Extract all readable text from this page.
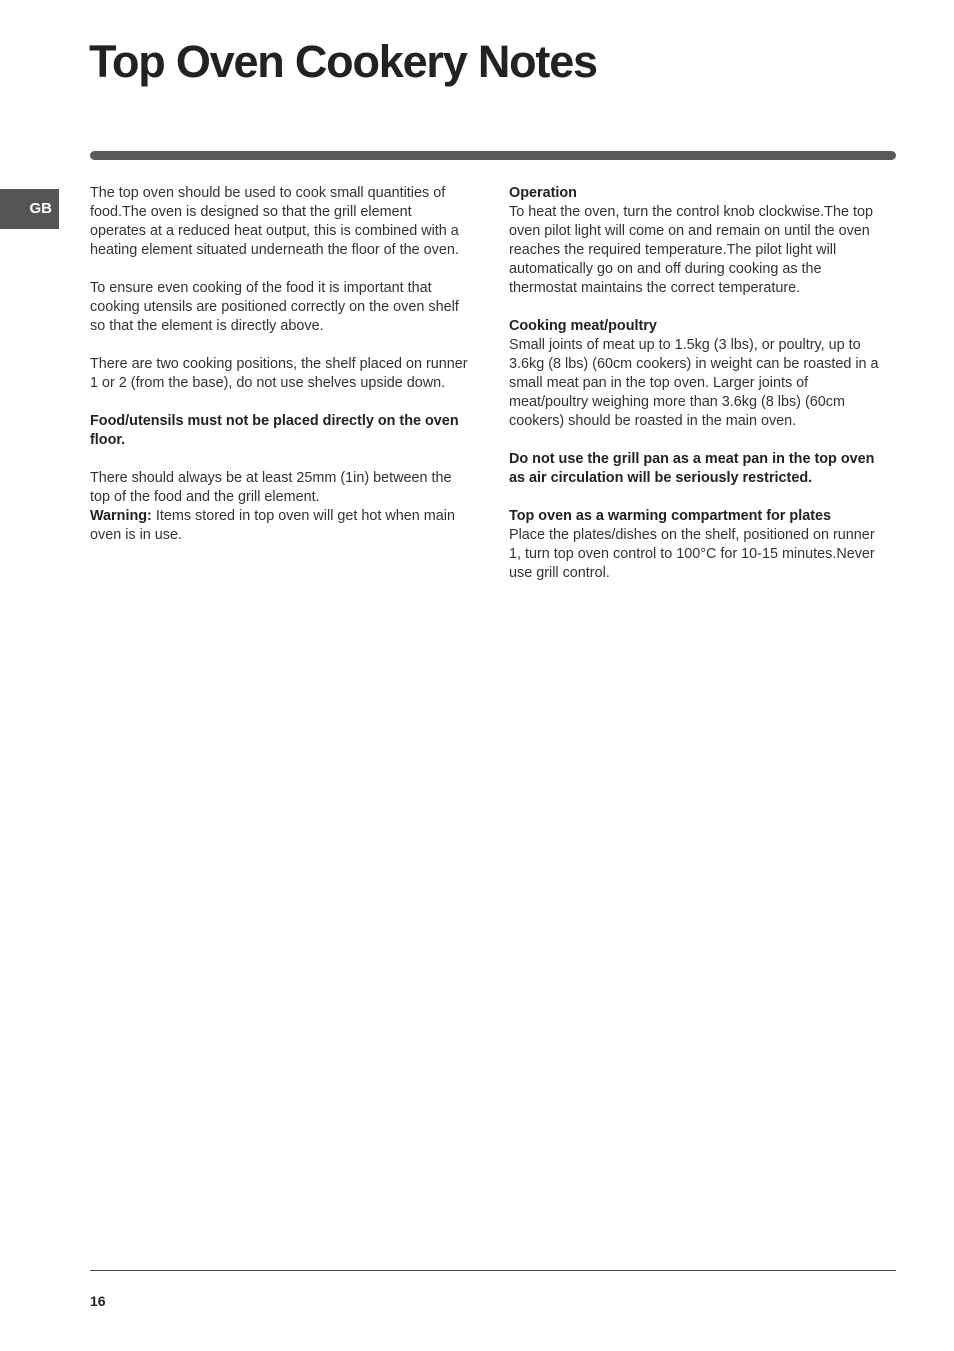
Top Oven Cookery Notes
GB

The top oven should be used to cook small quantities of food.The oven is designed so that the grill element operates at a reduced heat output, this is combined with a heating element situated underneath the floor of the oven.

To ensure even cooking of the food it is important that cooking utensils are positioned correctly on the oven shelf so that the element is directly above.

There are two cooking positions, the shelf placed on runner 1 or 2 (from the base), do not use shelves upside down.

Food/utensils must not be placed directly on the oven floor.

There should always be at least 25mm (1in) between the top of the food and the grill element.
Warning: Items stored in top oven will get hot when main oven is in use.

Operation
To heat the oven, turn the control knob clockwise.The top oven pilot light will come on and remain on until the oven reaches the required temperature.The pilot light will automatically go on and off during cooking as the thermostat maintains the correct temperature.

Cooking meat/poultry
Small joints of meat up to 1.5kg (3 lbs), or poultry, up to 3.6kg (8 lbs) (60cm cookers) in weight can be roasted in a small meat pan in the top oven. Larger joints of meat/poultry weighing more than 3.6kg (8 lbs) (60cm cookers) should be roasted in the main oven.

Do not use the grill pan as a meat pan in the top oven as air circulation will be seriously restricted.

Top oven as a warming compartment for plates
Place the plates/dishes on the shelf, positioned on runner 1, turn top oven control to 100°C for 10-15 minutes.Never use grill control.

16
